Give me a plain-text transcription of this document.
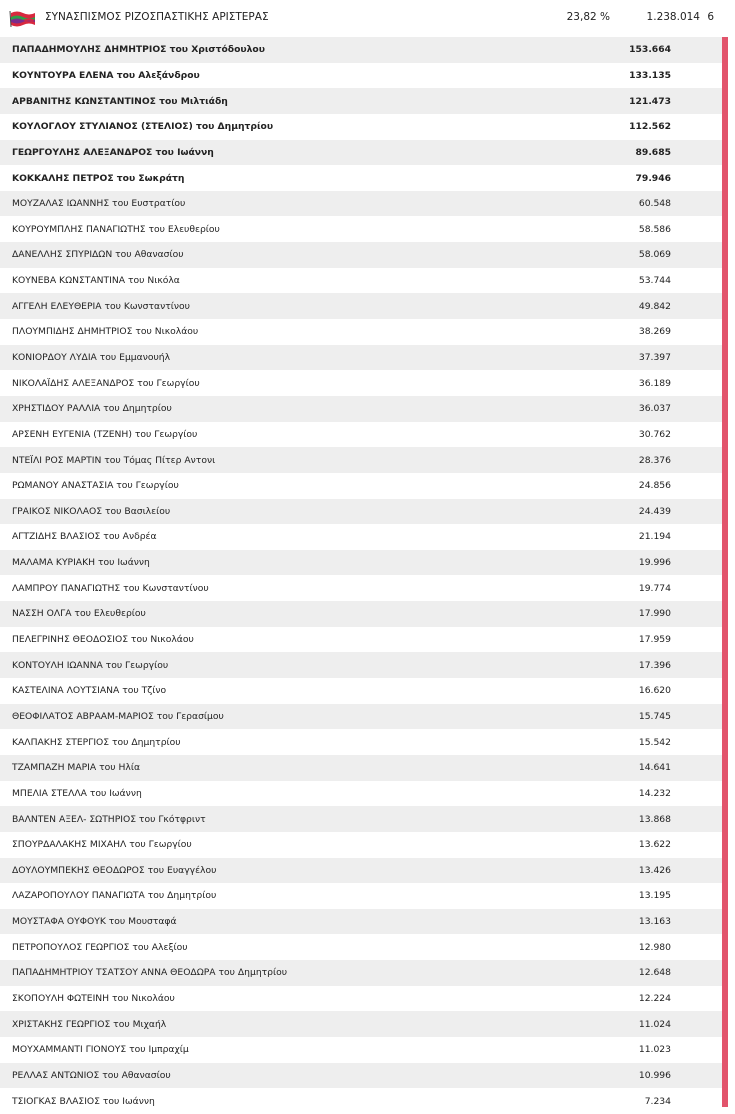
ΣΥΝΑΣΠΙΣΜΟΣ ΡΙΖΟΣΠΑΣΤΙΚΗΣ ΑΡΙΣΤΕΡΑΣ	23,82 %	1.238.014 6
ΠΑΠΑΔΗΜΟΥΛΗΣ ΔΗΜΗΤΡΙΟΣ του Χριστόδουλου	153.664
ΚΟΥΝΤΟΥΡΑ ΕΛΕΝΑ του Αλεξάνδρου	133.135
ΑΡΒΑΝΙΤΗΣ ΚΩΝΣΤΑΝΤΙΝΟΣ του Μιλτιάδη	121.473
ΚΟΥΛΟΓΛΟΥ ΣΤΥΛΙΑΝΟΣ (ΣΤΕΛΙΟΣ) του Δημητρίου	112.562
ΓΕΩΡΓΟΥΛΗΣ ΑΛΕΞΑΝΔΡΟΣ του Ιωάννη	89.685
ΚΟΚΚΑΛΗΣ ΠΕΤΡΟΣ του Σωκράτη	79.946
ΜΟΥΖΑΛΑΣ ΙΩΑΝΝΗΣ του Ευστρατίου	60.548
ΚΟΥΡΟΥΜΠΛΗΣ ΠΑΝΑΓΙΩΤΗΣ του Ελευθερίου	58.586
ΔΑΝΕΛΛΗΣ ΣΠΥΡΙΔΩΝ του Αθανασίου	58.069
ΚΟΥΝΕΒΑ ΚΩΝΣΤΑΝΤΙΝΑ του Νικόλα	53.744
ΑΓΓΕΛΗ ΕΛΕΥΘΕΡΙΑ του Κωνσταντίνου	49.842
ΠΛΟΥΜΠΙΔΗΣ ΔΗΜΗΤΡΙΟΣ του Νικολάου	38.269
ΚΟΝΙΟΡΔΟΥ ΛΥΔΙΑ του Εμμανουήλ	37.397
ΝΙΚΟΛΑΪΔΗΣ ΑΛΕΞΑΝΔΡΟΣ του Γεωργίου	36.189
ΧΡΗΣΤΙΔΟΥ ΡΑΛΛΙΑ του Δημητρίου	36.037
ΑΡΣΕΝΗ ΕΥΓΕΝΙΑ (ΤΖΕΝΗ) του Γεωργίου	30.762
ΝΤΕΪΛΙ ΡΟΣ ΜΑΡΤΙΝ του Τόμας Πίτερ Αντονι	28.376
ΡΩΜΑΝΟΥ ΑΝΑΣΤΑΣΙΑ του Γεωργίου	24.856
ΓΡΑΙΚΟΣ ΝΙΚΟΛΑΟΣ του Βασιλείου	24.439
ΑΓΤΖΙΔΗΣ ΒΛΑΣΙΟΣ του Ανδρέα	21.194
ΜΑΛΑΜΑ ΚΥΡΙΑΚΗ του Ιωάννη	19.996
ΛΑΜΠΡΟΥ ΠΑΝΑΓΙΩΤΗΣ του Κωνσταντίνου	19.774
ΝΑΣΣΗ ΟΛΓΑ του Ελευθερίου	17.990
ΠΕΛΕΓΡΙΝΗΣ ΘΕΟΔΟΣΙΟΣ του Νικολάου	17.959
ΚΟΝΤΟΥΛΗ ΙΩΑΝΝΑ του Γεωργίου	17.396
ΚΑΣΤΕΛΙΝΑ ΛΟΥΤΣΙΑΝΑ του Τζίνο	16.620
ΘΕΟΦΙΛΑΤΟΣ ΑΒΡΑΑΜ-ΜΑΡΙΟΣ του Γερασίμου	15.745
ΚΑΛΠΑΚΗΣ ΣΤΕΡΓΙΟΣ του Δημητρίου	15.542
ΤΖΑΜΠΑΖΗ ΜΑΡΙΑ του Ηλία	14.641
ΜΠΕΛΙΑ ΣΤΕΛΛΑ του Ιωάννη	14.232
ΒΑΛΝΤΕΝ ΑΞΕΛ- ΣΩΤΗΡΙΟΣ του Γκότφριντ	13.868
ΣΠΟΥΡΔΑΛΑΚΗΣ ΜΙΧΑΗΛ του Γεωργίου	13.622
ΔΟΥΛΟΥΜΠΕΚΗΣ ΘΕΟΔΩΡΟΣ του Ευαγγέλου	13.426
ΛΑΖΑΡΟΠΟΥΛΟΥ ΠΑΝΑΓΙΩΤΑ του Δημητρίου	13.195
ΜΟΥΣΤΑΦΑ ΟΥΦΟΥΚ του Μουσταφά	13.163
ΠΕΤΡΟΠΟΥΛΟΣ ΓΕΩΡΓΙΟΣ του Αλεξίου	12.980
ΠΑΠΑΔΗΜΗΤΡΙΟΥ ΤΣΑΤΣΟΥ ΑΝΝΑ ΘΕΟΔΩΡΑ του Δημητρίου	12.648
ΣΚΟΠΟΥΛΗ ΦΩΤΕΙΝΗ του Νικολάου	12.224
ΧΡΙΣΤΑΚΗΣ ΓΕΩΡΓΙΟΣ του Μιχαήλ	11.024
ΜΟΥΧΑΜΜΑΝΤΙ ΓΙΟΝΟΥΣ του Ιμπραχίμ	11.023
ΡΕΛΛΑΣ ΑΝΤΩΝΙΟΣ του Αθανασίου	10.996
ΤΣΙΟΓΚΑΣ ΒΛΑΣΙΟΣ του Ιωάννη	7.234
